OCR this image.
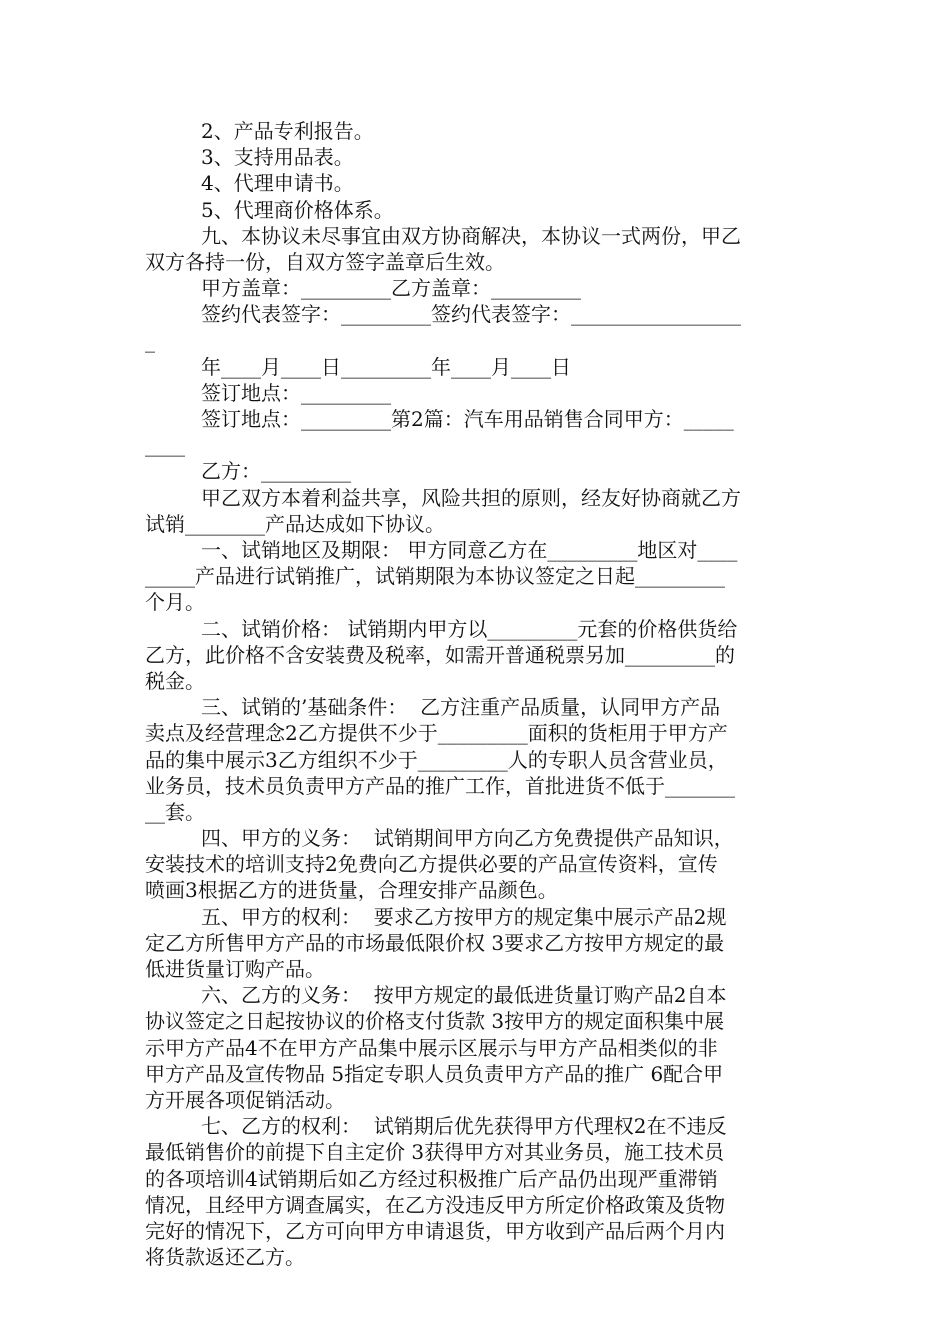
2、产品专利报告。
3、支持用品表。
4、代理申请书。
5、代理商价格体系。
九、本协议未尽事宜由双方协商解决，本协议一式两份，甲乙
双方各持一份，自双方签字盖章后生效。
甲方盖章：_________乙方盖章：_________
签约代表签字：_________签约代表签字：_________________
_
年____月____日_________年____月____日
签订地点：_________
签订地点：_________第2篇：汽车用品销售合同甲方：_____
____
乙方：_________
甲乙双方本着利益共享，风险共担的原则，经友好协商就乙方
试销________产品达成如下协议。
一、试销地区及期限： 甲方同意乙方在_________地区对____
_____产品进行试销推广，试销期限为本协议签定之日起_________
个月。
二、试销价格： 试销期内甲方以_________元套的价格供货给
乙方，此价格不含安装费及税率，如需开普通税票另加_________的
税金。
三、试销的’基础条件：  乙方注重产品质量，认同甲方产品
卖点及经营理念2乙方提供不少于_________面积的货柜用于甲方产
品的集中展示3乙方组织不少于_________人的专职人员含营业员，
业务员，技术员负责甲方产品的推广工作，首批进货不低于_______
__套。
四、甲方的义务：  试销期间甲方向乙方免费提供产品知识，
安装技术的培训支持2免费向乙方提供必要的产品宣传资料，宣传
喷画3根据乙方的进货量，合理安排产品颜色。
五、甲方的权利：  要求乙方按甲方的规定集中展示产品2规
定乙方所售甲方产品的市场最低限价权 3要求乙方按甲方规定的最
低进货量订购产品。
六、乙方的义务：  按甲方规定的最低进货量订购产品2自本
协议签定之日起按协议的价格支付货款 3按甲方的规定面积集中展
示甲方产品4不在甲方产品集中展示区展示与甲方产品相类似的非
甲方产品及宣传物品 5指定专职人员负责甲方产品的推广 6配合甲
方开展各项促销活动。
七、乙方的权利：  试销期后优先获得甲方代理权2在不违反
最低销售价的前提下自主定价 3获得甲方对其业务员，施工技术员
的各项培训4试销期后如乙方经过积极推广后产品仍出现严重滞销
情况，且经甲方调查属实，在乙方没违反甲方所定价格政策及货物
完好的情况下，乙方可向甲方申请退货，甲方收到产品后两个月内
将货款返还乙方。
